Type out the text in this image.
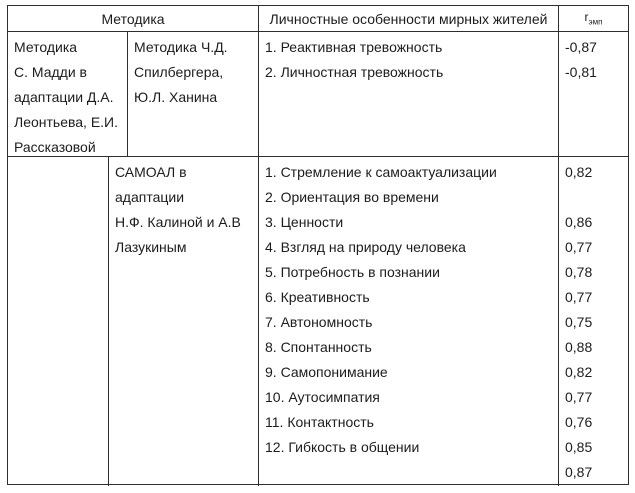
Методика	Личностные особенности мирных жителей	$r_{эмп}$
Методика
С. Мадди в
адаптации Д.А.
Леонтьева, Е.И.
Рассказовой
Методика Ч.Д.
Спилбергера,
Ю.Л. Ханина
1. Реактивная тревожность
2. Личностная тревожность
-0,87
-0,81
САМОАЛ в
адаптации
Н.Ф. Калиной и А.В
Лазукиным
1. Стремление к самоактуализации
2. Ориентация во времени
3. Ценности
4. Взгляд на природу человека
5. Потребность в познании
6. Креативность
7. Автономность
8. Спонтанность
9. Самопонимание
10. Аутосимпатия
11. Контактность
12. Гибкость в общении
0,82
0,86
0,77
0,78
0,77
0,75
0,88
0,82
0,77
0,76
0,85
0,87
